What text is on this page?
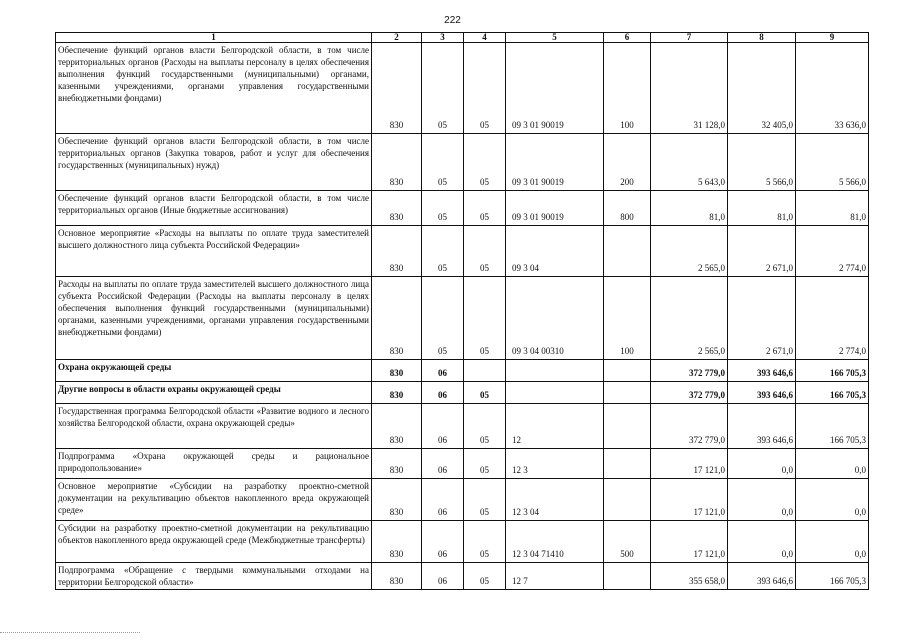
222
1	2	3	4	5	6	7	8	9
Обеспечение функций органов власти Белгородской области, в том числе территориальных органов (Расходы на выплаты персоналу в целях обеспечения выполнения функций государственными (муниципальными) органами, казенными учреждениями, органами управления государственными внебюджетными фондами)	830	05	05	09 3 01 90019	100	31 128,0	32 405,0	33 636,0
Обеспечение функций органов власти Белгородской области, в том числе территориальных органов (Закупка товаров, работ и услуг для обеспечения государственных (муниципальных) нужд)	830	05	05	09 3 01 90019	200	5 643,0	5 566,0	5 566,0
Обеспечение функций органов власти Белгородской области, в том числе территориальных органов (Иные бюджетные ассигнования)	830	05	05	09 3 01 90019	800	81,0	81,0	81,0
Основное мероприятие «Расходы на выплаты по оплате труда заместителей высшего должностного лица субъекта Российской Федерации»	830	05	05	09 3 04		2 565,0	2 671,0	2 774,0
Расходы на выплаты по оплате труда заместителей высшего должностного лица субъекта Российской Федерации (Расходы на выплаты персоналу в целях обеспечения выполнения функций государственными (муниципальными) органами, казенными учреждениями, органами управления государственными внебюджетными фондами)	830	05	05	09 3 04 00310	100	2 565,0	2 671,0	2 774,0
Охрана окружающей среды	830	06				372 779,0	393 646,6	166 705,3
Другие вопросы в области охраны окружающей среды	830	06	05			372 779,0	393 646,6	166 705,3
Государственная программа Белгородской области «Развитие водного и лесного хозяйства Белгородской области, охрана окружающей среды»	830	06	05	12		372 779,0	393 646,6	166 705,3
Подпрограмма «Охрана окружающей среды и рациональное природопользование»	830	06	05	12 3		17 121,0	0,0	0,0
Основное мероприятие «Субсидии на разработку проектно-сметной документации на рекультивацию объектов накопленного вреда окружающей среде»	830	06	05	12 3 04		17 121,0	0,0	0,0
Субсидии на разработку проектно-сметной документации на рекультивацию объектов накопленного вреда окружающей среде (Межбюджетные трансферты)	830	06	05	12 3 04 71410	500	17 121,0	0,0	0,0
Подпрограмма «Обращение с твердыми коммунальными отходами на территории Белгородской области»	830	06	05	12 7		355 658,0	393 646,6	166 705,3
